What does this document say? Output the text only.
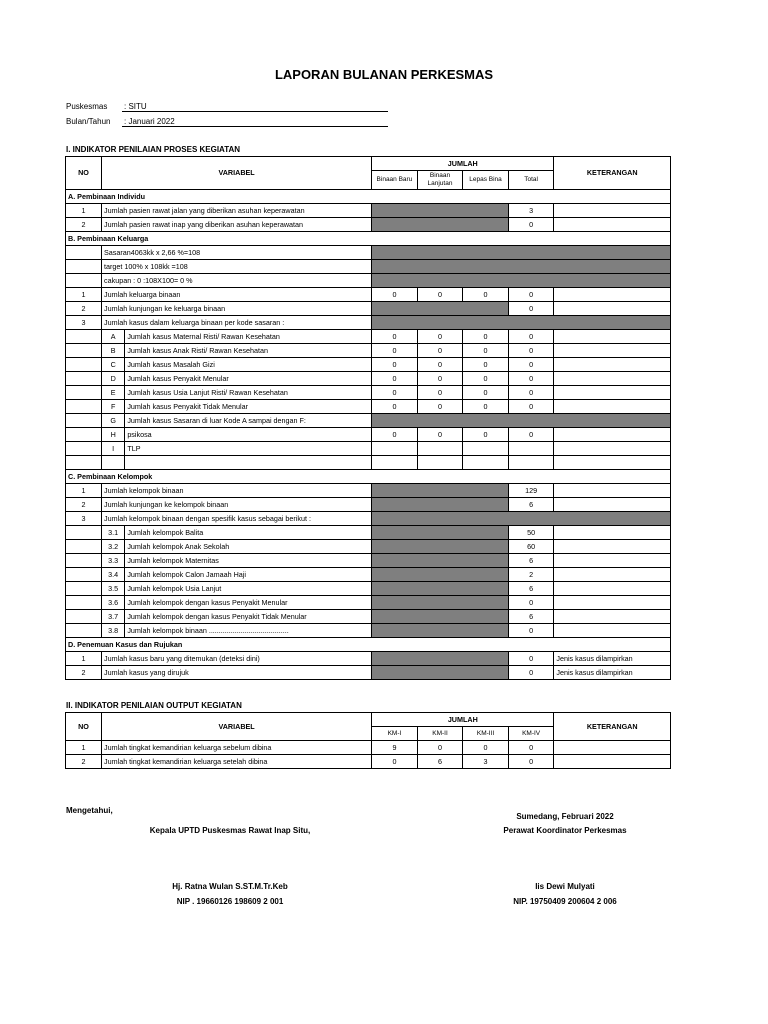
LAPORAN BULANAN PERKESMAS
Puskesmas : SITU
Bulan/Tahun : Januari 2022
I. INDIKATOR PENILAIAN PROSES KEGIATAN
NO	VARIABEL		JUMLAH				KETERANGAN
			Binaan Baru	Binaan Lanjutan	Lepas Bina	Total	
A. Pembinaan Individu							
1	Jumlah pasien rawat jalan yang diberikan asuhan keperawatan					3	
2	Jumlah pasien rawat inap yang diberikan asuhan keperawatan					0	
B. Pembinaan Keluarga							
	Sasaran4063kk x 2,66 %=108						
	target 100% x 108kk =108						
	cakupan : 0 :108X100= 0 %						
1	Jumlah keluarga binaan		0	0	0	0	
2	Jumlah kunjungan ke keluarga binaan					0	
3	Jumlah kasus dalam keluarga binaan per kode sasaran :						
	A	Jumlah kasus Maternal Risti/ Rawan Kesehatan	0	0	0	0	
	B	Jumlah kasus Anak Risti/ Rawan Kesehatan	0	0	0	0	
	C	Jumlah kasus Masalah Gizi	0	0	0	0	
	D	Jumlah kasus Penyakit Menular	0	0	0	0	
	E	Jumlah kasus Usia Lanjut Risti/ Rawan Kesehatan	0	0	0	0	
	F	Jumlah kasus Penyakit Tidak Menular	0	0	0	0	
	G	Jumlah kasus Sasaran di luar Kode A sampai dengan F:					
	H	psikosa	0	0	0	0	
	I	TLP					

C. Pembinaan Kelompok							
1	Jumlah kelompok binaan					129	
2	Jumlah kunjungan ke kelompok binaan					6	
3	Jumlah kelompok binaan dengan spesifik kasus sebagai berikut :						
	3.1	Jumlah kelompok Balita				50	
	3.2	Jumlah kelompok Anak Sekolah				60	
	3.3	Jumlah kelompok Maternitas				6	
	3.4	Jumlah kelompok Calon Jamaah Haji				2	
	3.5	Jumlah kelompok Usia Lanjut				6	
	3.6	Jumlah kelompok dengan kasus Penyakit Menular				0	
	3.7	Jumlah kelompok dengan kasus Penyakit Tidak Menular				6	
	3.8	Jumlah kelompok binaan ........................................				0	
D. Penemuan Kasus dan Rujukan							
1	Jumlah kasus baru yang ditemukan (deteksi dini)					0	Jenis kasus dilampirkan
2	Jumlah kasus yang dirujuk					0	Jenis kasus dilampirkan
II. INDIKATOR PENILAIAN OUTPUT KEGIATAN
NO	VARIABEL	JUMLAH				KETERANGAN
		KM-I	KM-II	KM-III	KM-IV	
1	Jumlah tingkat kemandirian keluarga sebelum dibina	9	0	0	0	
2	Jumlah tingkat kemandirian keluarga setelah dibina	0	6	3	0	
Mengetahui,
Kepala UPTD Puskesmas Rawat Inap Situ,
Hj. Ratna Wulan S.ST.M.Tr.Keb
NIP . 19660126 198609 2 001
Sumedang, Februari 2022
Perawat Koordinator Perkesmas
Iis Dewi Mulyati
NIP. 19750409 200604 2 006
